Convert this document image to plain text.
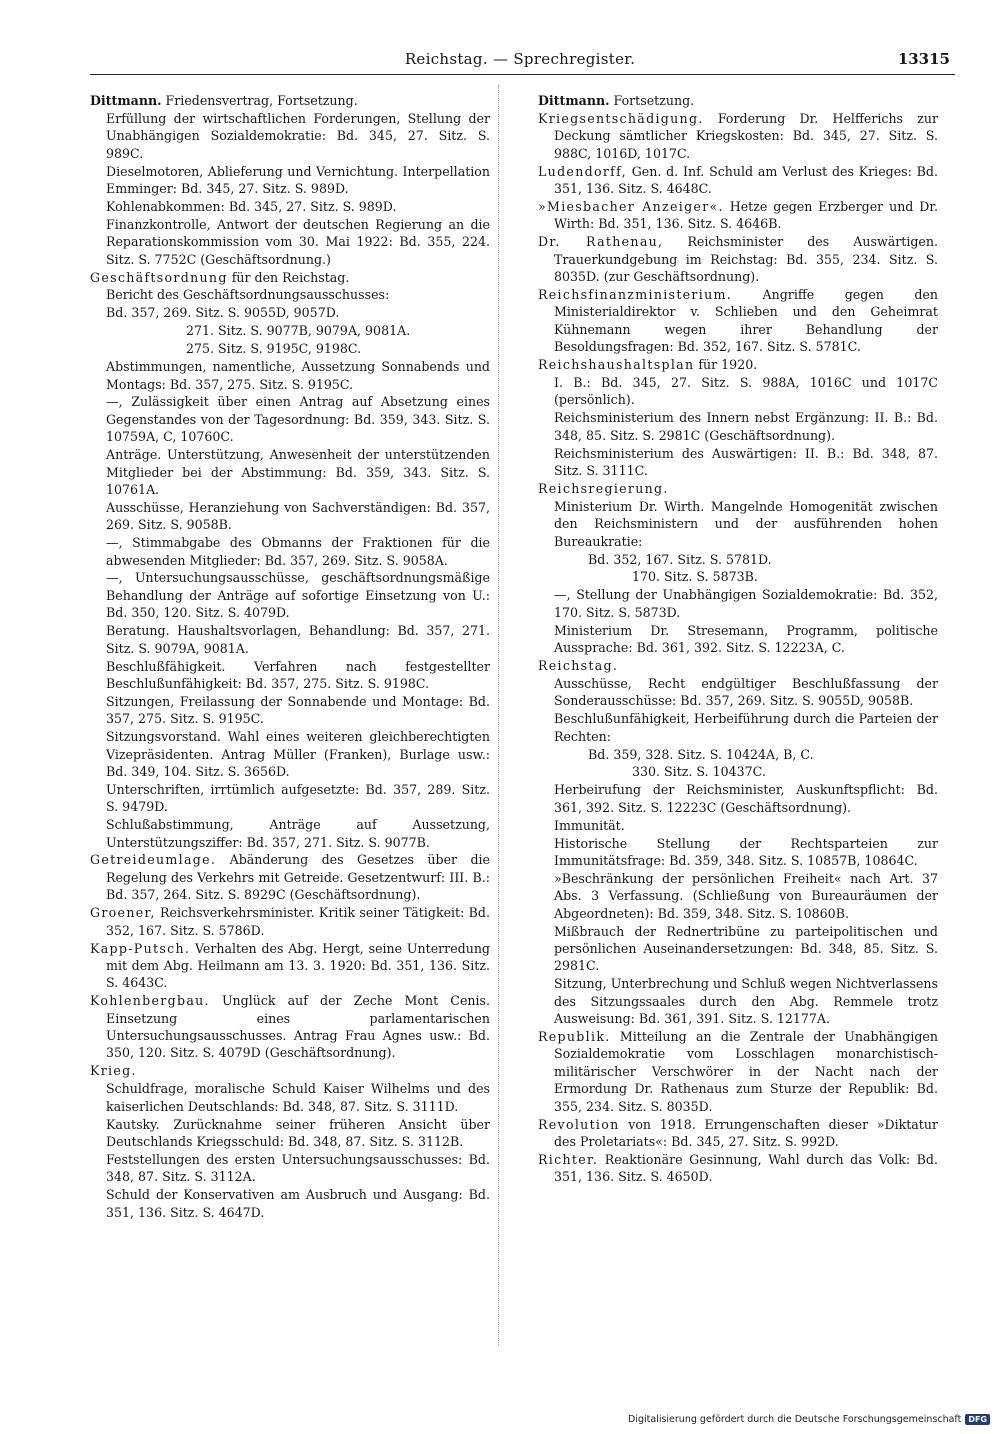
Reichstag. — Sprechregister.	13315

Dittmann. Friedensvertrag, Fortsetzung.

Erfüllung der wirtschaftlichen Forderungen, Stellung der Unabhängigen Sozialdemokratie: Bd. 345, 27. Sitz. S. 989C.

Dieselmotoren, Ablieferung und Vernichtung. Interpellation Emminger: Bd. 345, 27. Sitz. S. 989D.

Kohlenabkommen: Bd. 345, 27. Sitz. S. 989D.

Finanzkontrolle, Antwort der deutschen Regierung an die Reparationskommission vom 30. Mai 1922: Bd. 355, 224. Sitz. S. 7752C (Geschäftsordnung.)

Geschäftsordnung für den Reichstag.

Bericht des Geschäftsordnungsausschusses:

Bd. 357, 269. Sitz. S. 9055D, 9057D.

271. Sitz. S. 9077B, 9079A, 9081A.

275. Sitz. S. 9195C, 9198C.

Abstimmungen, namentliche, Aussetzung Sonnabends und Montags: Bd. 357, 275. Sitz. S. 9195C.

—, Zulässigkeit über einen Antrag auf Absetzung eines Gegenstandes von der Tagesordnung: Bd. 359, 343. Sitz. S. 10759A, C, 10760C.

Anträge. Unterstützung, Anwesenheit der unterstützenden Mitglieder bei der Abstimmung: Bd. 359, 343. Sitz. S. 10761A.

Ausschüsse, Heranziehung von Sachverständigen: Bd. 357, 269. Sitz. S. 9058B.

—, Stimmabgabe des Obmanns der Fraktionen für die abwesenden Mitglieder: Bd. 357, 269. Sitz. S. 9058A.

—, Untersuchungsausschüsse, geschäftsordnungsmäßige Behandlung der Anträge auf sofortige Einsetzung von U.: Bd. 350, 120. Sitz. S. 4079D.

Beratung. Haushaltsvorlagen, Behandlung: Bd. 357, 271. Sitz. S. 9079A, 9081A.

Beschlußfähigkeit. Verfahren nach festgestellter Beschlußunfähigkeit: Bd. 357, 275. Sitz. S. 9198C.

Sitzungen, Freilassung der Sonnabende und Montage: Bd. 357, 275. Sitz. S. 9195C.

Sitzungsvorstand. Wahl eines weiteren gleichberechtigten Vizepräsidenten. Antrag Müller (Franken), Burlage usw.: Bd. 349, 104. Sitz. S. 3656D.

Unterschriften, irrtümlich aufgesetzte: Bd. 357, 289. Sitz. S. 9479D.

Schlußabstimmung, Anträge auf Aussetzung, Unterstützungsziffer: Bd. 357, 271. Sitz. S. 9077B.

Getreideumlage. Abänderung des Gesetzes über die Regelung des Verkehrs mit Getreide. Gesetzentwurf: III. B.: Bd. 357, 264. Sitz. S. 8929C (Geschäftsordnung).

Groener, Reichsverkehrsminister. Kritik seiner Tätigkeit: Bd. 352, 167. Sitz. S. 5786D.

Kapp-Putsch. Verhalten des Abg. Hergt, seine Unterredung mit dem Abg. Heilmann am 13. 3. 1920: Bd. 351, 136. Sitz. S. 4643C.

Kohlenbergbau. Unglück auf der Zeche Mont Cenis. Einsetzung eines parlamentarischen Untersuchungsausschusses. Antrag Frau Agnes usw.: Bd. 350, 120. Sitz. S. 4079D (Geschäftsordnung).

Krieg.

Schuldfrage, moralische Schuld Kaiser Wilhelms und des kaiserlichen Deutschlands: Bd. 348, 87. Sitz. S. 3111D.

Kautsky. Zurücknahme seiner früheren Ansicht über Deutschlands Kriegsschuld: Bd. 348, 87. Sitz. S. 3112B.

Feststellungen des ersten Untersuchungsausschusses: Bd. 348, 87. Sitz. S. 3112A.

Schuld der Konservativen am Ausbruch und Ausgang: Bd. 351, 136. Sitz. S. 4647D.

Dittmann. Fortsetzung.

Kriegsentschädigung. Forderung Dr. Helfferichs zur Deckung sämtlicher Kriegskosten: Bd. 345, 27. Sitz. S. 988C, 1016D, 1017C.

Ludendorff, Gen. d. Inf. Schuld am Verlust des Krieges: Bd. 351, 136. Sitz. S. 4648C.

»Miesbacher Anzeiger«. Hetze gegen Erzberger und Dr. Wirth: Bd. 351, 136. Sitz. S. 4646B.

Dr. Rathenau, Reichsminister des Auswärtigen. Trauerkundgebung im Reichstag: Bd. 355, 234. Sitz. S. 8035D. (zur Geschäftsordnung).

Reichsfinanzministerium. Angriffe gegen den Ministerialdirektor v. Schlieben und den Geheimrat Kühnemann wegen ihrer Behandlung der Besoldungsfragen: Bd. 352, 167. Sitz. S. 5781C.

Reichshaushaltsplan für 1920.

I. B.: Bd. 345, 27. Sitz. S. 988A, 1016C und 1017C (persönlich).

Reichsministerium des Innern nebst Ergänzung: II. B.: Bd. 348, 85. Sitz. S. 2981C (Geschäftsordnung).

Reichsministerium des Auswärtigen: II. B.: Bd. 348, 87. Sitz. S. 3111C.

Reichsregierung.

Ministerium Dr. Wirth. Mangelnde Homogenität zwischen den Reichsministern und der ausführenden hohen Bureaukratie:

Bd. 352, 167. Sitz. S. 5781D.

170. Sitz. S. 5873B.

—, Stellung der Unabhängigen Sozialdemokratie: Bd. 352, 170. Sitz. S. 5873D.

Ministerium Dr. Stresemann, Programm, politische Aussprache: Bd. 361, 392. Sitz. S. 12223A, C.

Reichstag.

Ausschüsse, Recht endgültiger Beschlußfassung der Sonderausschüsse: Bd. 357, 269. Sitz. S. 9055D, 9058B.

Beschlußunfähigkeit, Herbeiführung durch die Parteien der Rechten:

Bd. 359, 328. Sitz. S. 10424A, B, C.

330. Sitz. S. 10437C.

Herbeirufung der Reichsminister, Auskunftspflicht: Bd. 361, 392. Sitz. S. 12223C (Geschäftsordnung).

Immunität.

Historische Stellung der Rechtsparteien zur Immunitätsfrage: Bd. 359, 348. Sitz. S. 10857B, 10864C.

»Beschränkung der persönlichen Freiheit« nach Art. 37 Abs. 3 Verfassung. (Schließung von Bureauräumen der Abgeordneten): Bd. 359, 348. Sitz. S. 10860B.

Mißbrauch der Rednertribüne zu parteipolitischen und persönlichen Auseinandersetzungen: Bd. 348, 85. Sitz. S. 2981C.

Sitzung, Unterbrechung und Schluß wegen Nichtverlassens des Sitzungssaales durch den Abg. Remmele trotz Ausweisung: Bd. 361, 391. Sitz. S. 12177A.

Republik. Mitteilung an die Zentrale der Unabhängigen Sozialdemokratie vom Losschlagen monarchistisch-militärischer Verschwörer in der Nacht nach der Ermordung Dr. Rathenaus zum Sturze der Republik: Bd. 355, 234. Sitz. S. 8035D.

Revolution von 1918. Errungenschaften dieser »Diktatur des Proletariats«: Bd. 345, 27. Sitz. S. 992D.

Richter. Reaktionäre Gesinnung, Wahl durch das Volk: Bd. 351, 136. Sitz. S. 4650D.

Digitalisierung gefördert durch die Deutsche Forschungsgemeinschaft DFG
